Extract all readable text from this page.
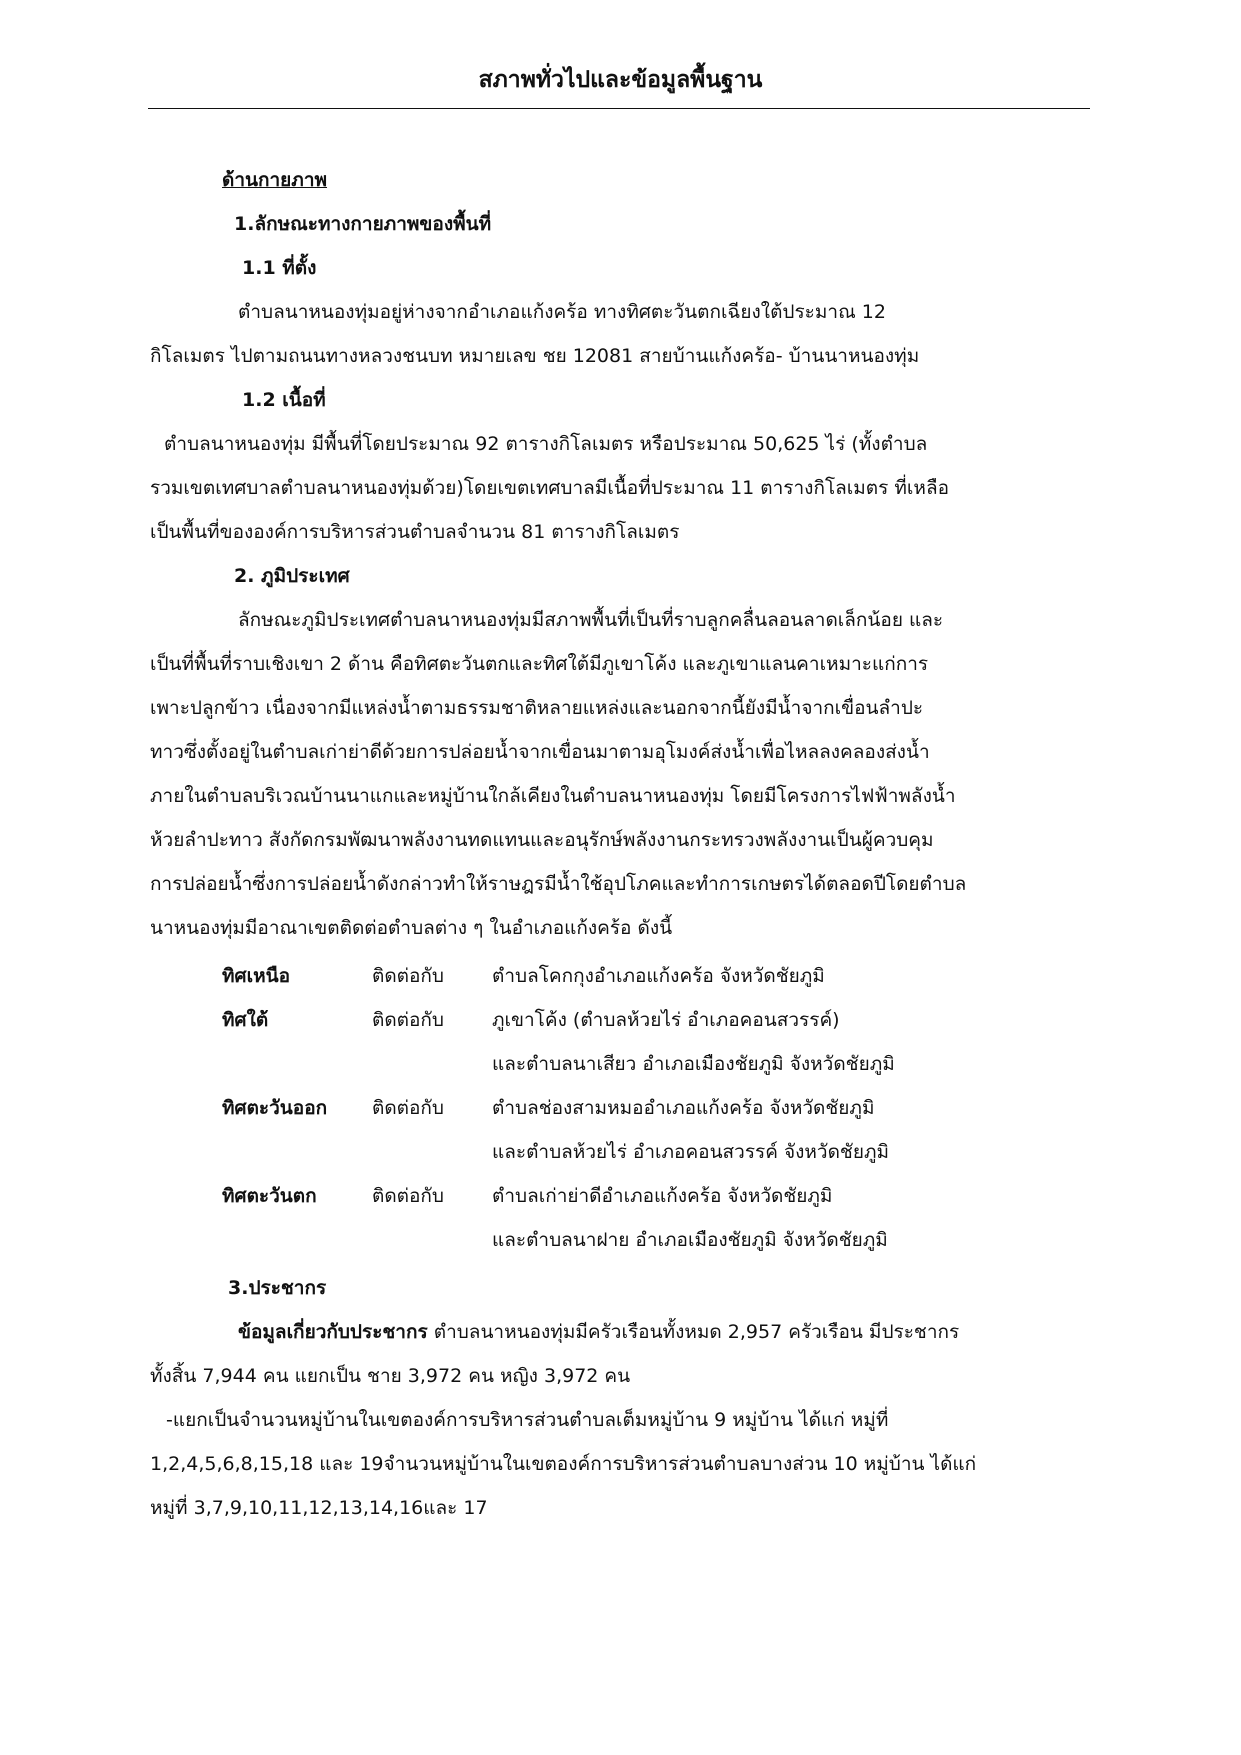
สภาพทั่วไปและข้อมูลพื้นฐาน
ด้านกายภาพ
1.ลักษณะทางกายภาพของพื้นที่
1.1 ที่ตั้ง
ตำบลนาหนองทุ่มอยู่ห่างจากอำเภอแก้งคร้อ ทางทิศตะวันตกเฉียงใต้ประมาณ 12
กิโลเมตร ไปตามถนนทางหลวงชนบท หมายเลข ชย 12081 สายบ้านแก้งคร้อ- บ้านนาหนองทุ่ม
1.2 เนื้อที่
ตำบลนาหนองทุ่ม มีพื้นที่โดยประมาณ 92 ตารางกิโลเมตร หรือประมาณ 50,625 ไร่ (ทั้งตำบล
รวมเขตเทศบาลตำบลนาหนองทุ่มด้วย)โดยเขตเทศบาลมีเนื้อที่ประมาณ 11 ตารางกิโลเมตร ที่เหลือ
เป็นพื้นที่ขององค์การบริหารส่วนตำบลจำนวน 81 ตารางกิโลเมตร
2. ภูมิประเทศ
ลักษณะภูมิประเทศตำบลนาหนองทุ่มมีสภาพพื้นที่เป็นที่ราบลูกคลื่นลอนลาดเล็กน้อย และ
เป็นที่พื้นที่ราบเชิงเขา 2 ด้าน คือทิศตะวันตกและทิศใต้มีภูเขาโค้ง และภูเขาแลนคาเหมาะแก่การ
เพาะปลูกข้าว เนื่องจากมีแหล่งน้ำตามธรรมชาติหลายแหล่งและนอกจากนี้ยังมีน้ำจากเขื่อนลำปะ
ทาวซึ่งตั้งอยู่ในตำบลเก่าย่าดีด้วยการปล่อยน้ำจากเขื่อนมาตามอุโมงค์ส่งน้ำเพื่อไหลลงคลองส่งน้ำ
ภายในตำบลบริเวณบ้านนาแกและหมู่บ้านใกล้เคียงในตำบลนาหนองทุ่ม โดยมีโครงการไฟฟ้าพลังน้ำ
ห้วยลำปะทาว สังกัดกรมพัฒนาพลังงานทดแทนและอนุรักษ์พลังงานกระทรวงพลังงานเป็นผู้ควบคุม
การปล่อยน้ำซึ่งการปล่อยน้ำดังกล่าวทำให้ราษฎรมีน้ำใช้อุปโภคและทำการเกษตรได้ตลอดปีโดยตำบล
นาหนองทุ่มมีอาณาเขตติดต่อตำบลต่าง ๆ ในอำเภอแก้งคร้อ ดังนี้
ทิศเหนือ	ติดต่อกับ	ตำบลโคกกุงอำเภอแก้งคร้อ จังหวัดชัยภูมิ
ทิศใต้	ติดต่อกับ	ภูเขาโค้ง (ตำบลห้วยไร่ อำเภอคอนสวรรค์)
		และตำบลนาเสียว อำเภอเมืองชัยภูมิ จังหวัดชัยภูมิ
ทิศตะวันออก	ติดต่อกับ	ตำบลช่องสามหมออำเภอแก้งคร้อ จังหวัดชัยภูมิ
		และตำบลห้วยไร่ อำเภอคอนสวรรค์ จังหวัดชัยภูมิ
ทิศตะวันตก	ติดต่อกับ	ตำบลเก่าย่าดีอำเภอแก้งคร้อ จังหวัดชัยภูมิ
		และตำบลนาฝาย อำเภอเมืองชัยภูมิ จังหวัดชัยภูมิ
3.ประชากร
ข้อมูลเกี่ยวกับประชากร ตำบลนาหนองทุ่มมีครัวเรือนทั้งหมด 2,957 ครัวเรือน มีประชากร
ทั้งสิ้น 7,944 คน แยกเป็น ชาย 3,972 คน หญิง 3,972 คน
-แยกเป็นจำนวนหมู่บ้านในเขตองค์การบริหารส่วนตำบลเต็มหมู่บ้าน 9 หมู่บ้าน ได้แก่ หมู่ที่
1,2,4,5,6,8,15,18 และ 19จำนวนหมู่บ้านในเขตองค์การบริหารส่วนตำบลบางส่วน 10 หมู่บ้าน ได้แก่
หมู่ที่ 3,7,9,10,11,12,13,14,16และ 17
